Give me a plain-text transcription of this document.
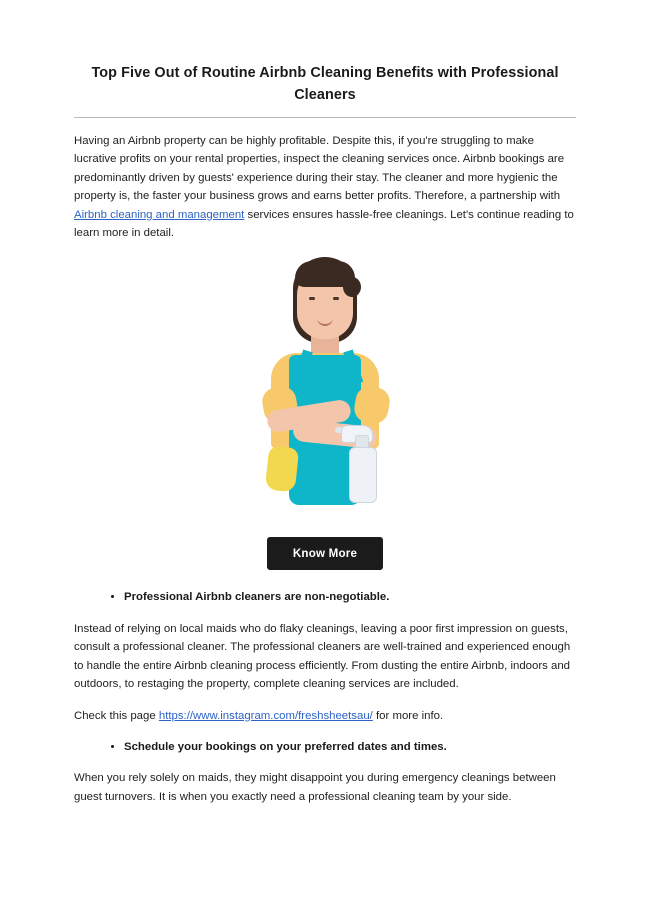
Top Five Out of Routine Airbnb Cleaning Benefits with Professional Cleaners

Having an Airbnb property can be highly profitable. Despite this, if you're struggling to make lucrative profits on your rental properties, inspect the cleaning services once. Airbnb bookings are predominantly driven by guests' experience during their stay. The cleaner and more hygienic the property is, the faster your business grows and earns better profits. Therefore, a partnership with Airbnb cleaning and management services ensures hassle-free cleanings. Let's continue reading to learn more in detail.

Know More
• Professional Airbnb cleaners are non-negotiable.

Instead of relying on local maids who do flaky cleanings, leaving a poor first impression on guests, consult a professional cleaner. The professional cleaners are well-trained and experienced enough to handle the entire Airbnb cleaning process efficiently. From dusting the entire Airbnb, indoors and outdoors, to restaging the property, complete cleaning services are included.

Check this page https://www.instagram.com/freshsheetsau/ for more info.

• Schedule your bookings on your preferred dates and times.

When you rely solely on maids, they might disappoint you during emergency cleanings between guest turnovers. It is when you exactly need a professional cleaning team by your side.
